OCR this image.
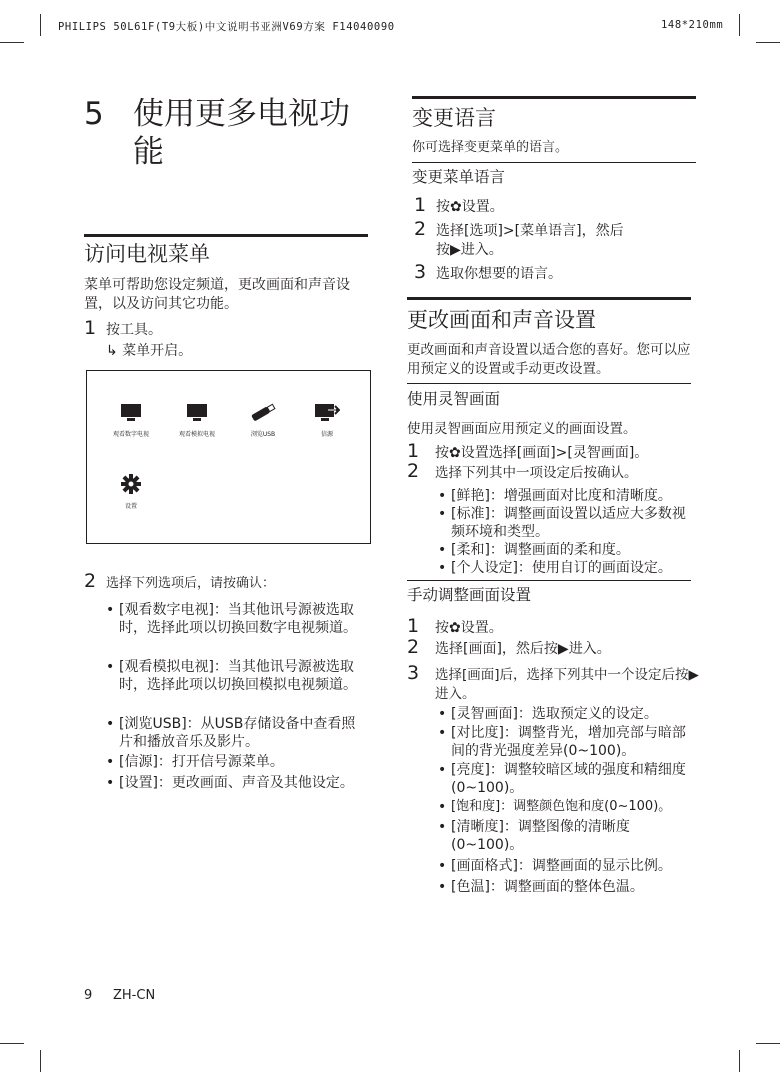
PHILIPS 50L61F(T9大板)中文说明书亚洲V69方案 F14040090	148*210mm
5 使用更多电视功能
访问电视菜单
菜单可帮助您设定频道，更改画面和声音设置，以及访问其它功能。
1 按工具。
↳ 菜单开启。
观看数字电视	观看模拟电视	浏览USB	信源
设置
2 选择下列选项后，请按确认：
• [观看数字电视]：当其他讯号源被选取时，选择此项以切换回数字电视频道。
• [观看模拟电视]：当其他讯号源被选取时，选择此项以切换回模拟电视频道。
• [浏览USB]：从USB存储设备中查看照片和播放音乐及影片。
• [信源]：打开信号源菜单。
• [设置]：更改画面、声音及其他设定。
变更语言
你可选择变更菜单的语言。
变更菜单语言
1 按✿设置。
2 选择[选项]>[菜单语言]，然后按▶进入。
3 选取你想要的语言。
更改画面和声音设置
更改画面和声音设置以适合您的喜好。您可以应用预定义的设置或手动更改设置。
使用灵智画面
使用灵智画面应用预定义的画面设置。
1 按✿设置选择[画面]>[灵智画面]。
2 选择下列其中一项设定后按确认。
• [鲜艳]：增强画面对比度和清晰度。
• [标准]：调整画面设置以适应大多数视频环境和类型。
• [柔和]：调整画面的柔和度。
• [个人设定]：使用自订的画面设定。
手动调整画面设置
1 按✿设置。
2 选择[画面]，然后按▶进入。
3 选择[画面]后，选择下列其中一个设定后按▶进入。
• [灵智画面]：选取预定义的设定。
• [对比度]：调整背光，增加亮部与暗部间的背光强度差异(0~100)。
• [亮度]：调整较暗区域的强度和精细度(0~100)。
• [饱和度]：调整颜色饱和度(0~100)。
• [清晰度]：调整图像的清晰度(0~100)。
• [画面格式]：调整画面的显示比例。
• [色温]：调整画面的整体色温。
9 ZH-CN
